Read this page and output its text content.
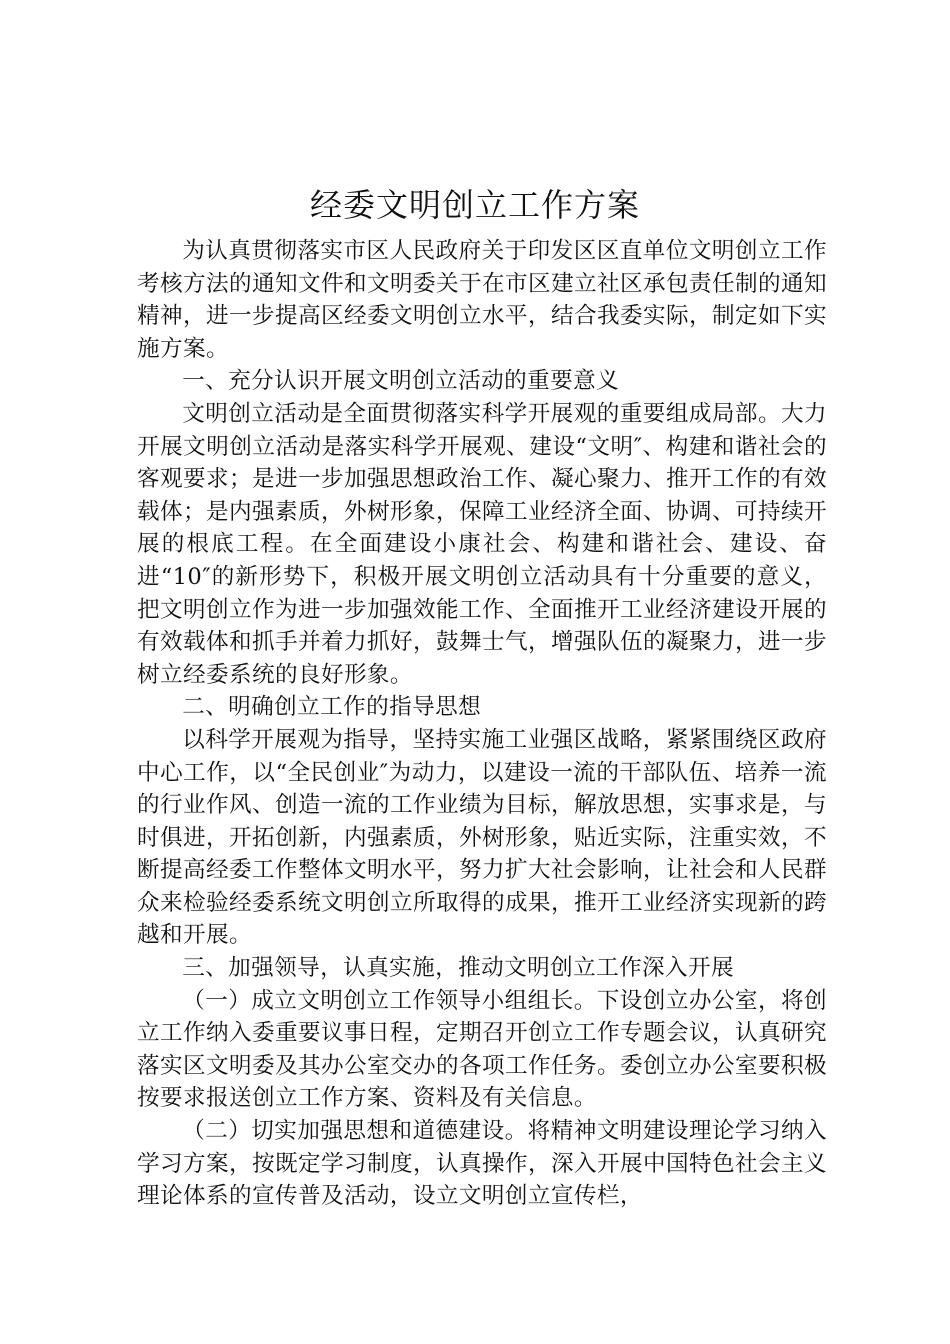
经委文明创立工作方案

为认真贯彻落实市区人民政府关于印发区区直单位文明创立工作考核方法的通知文件和文明委关于在市区建立社区承包责任制的通知精神，进一步提高区经委文明创立水平，结合我委实际，制定如下实施方案。

一、充分认识开展文明创立活动的重要意义

文明创立活动是全面贯彻落实科学开展观的重要组成局部。大力开展文明创立活动是落实科学开展观、建设“文明″、构建和谐社会的客观要求；是进一步加强思想政治工作、凝心聚力、推开工作的有效载体；是内强素质，外树形象，保障工业经济全面、协调、可持续开展的根底工程。在全面建设小康社会、构建和谐社会、建设、奋进“10″的新形势下，积极开展文明创立活动具有十分重要的意义，把文明创立作为进一步加强效能工作、全面推开工业经济建设开展的有效载体和抓手并着力抓好，鼓舞士气，增强队伍的凝聚力，进一步树立经委系统的良好形象。

二、明确创立工作的指导思想

以科学开展观为指导，坚持实施工业强区战略，紧紧围绕区政府中心工作，以“全民创业″为动力，以建设一流的干部队伍、培养一流的行业作风、创造一流的工作业绩为目标，解放思想，实事求是，与时俱进，开拓创新，内强素质，外树形象，贴近实际，注重实效，不断提高经委工作整体文明水平，努力扩大社会影响，让社会和人民群众来检验经委系统文明创立所取得的成果，推开工业经济实现新的跨越和开展。

三、加强领导，认真实施，推动文明创立工作深入开展

（一）成立文明创立工作领导小组组长。下设创立办公室，将创立工作纳入委重要议事日程，定期召开创立工作专题会议，认真研究落实区文明委及其办公室交办的各项工作任务。委创立办公室要积极按要求报送创立工作方案、资料及有关信息。

（二）切实加强思想和道德建设。将精神文明建设理论学习纳入学习方案，按既定学习制度，认真操作，深入开展中国特色社会主义理论体系的宣传普及活动，设立文明创立宣传栏，
